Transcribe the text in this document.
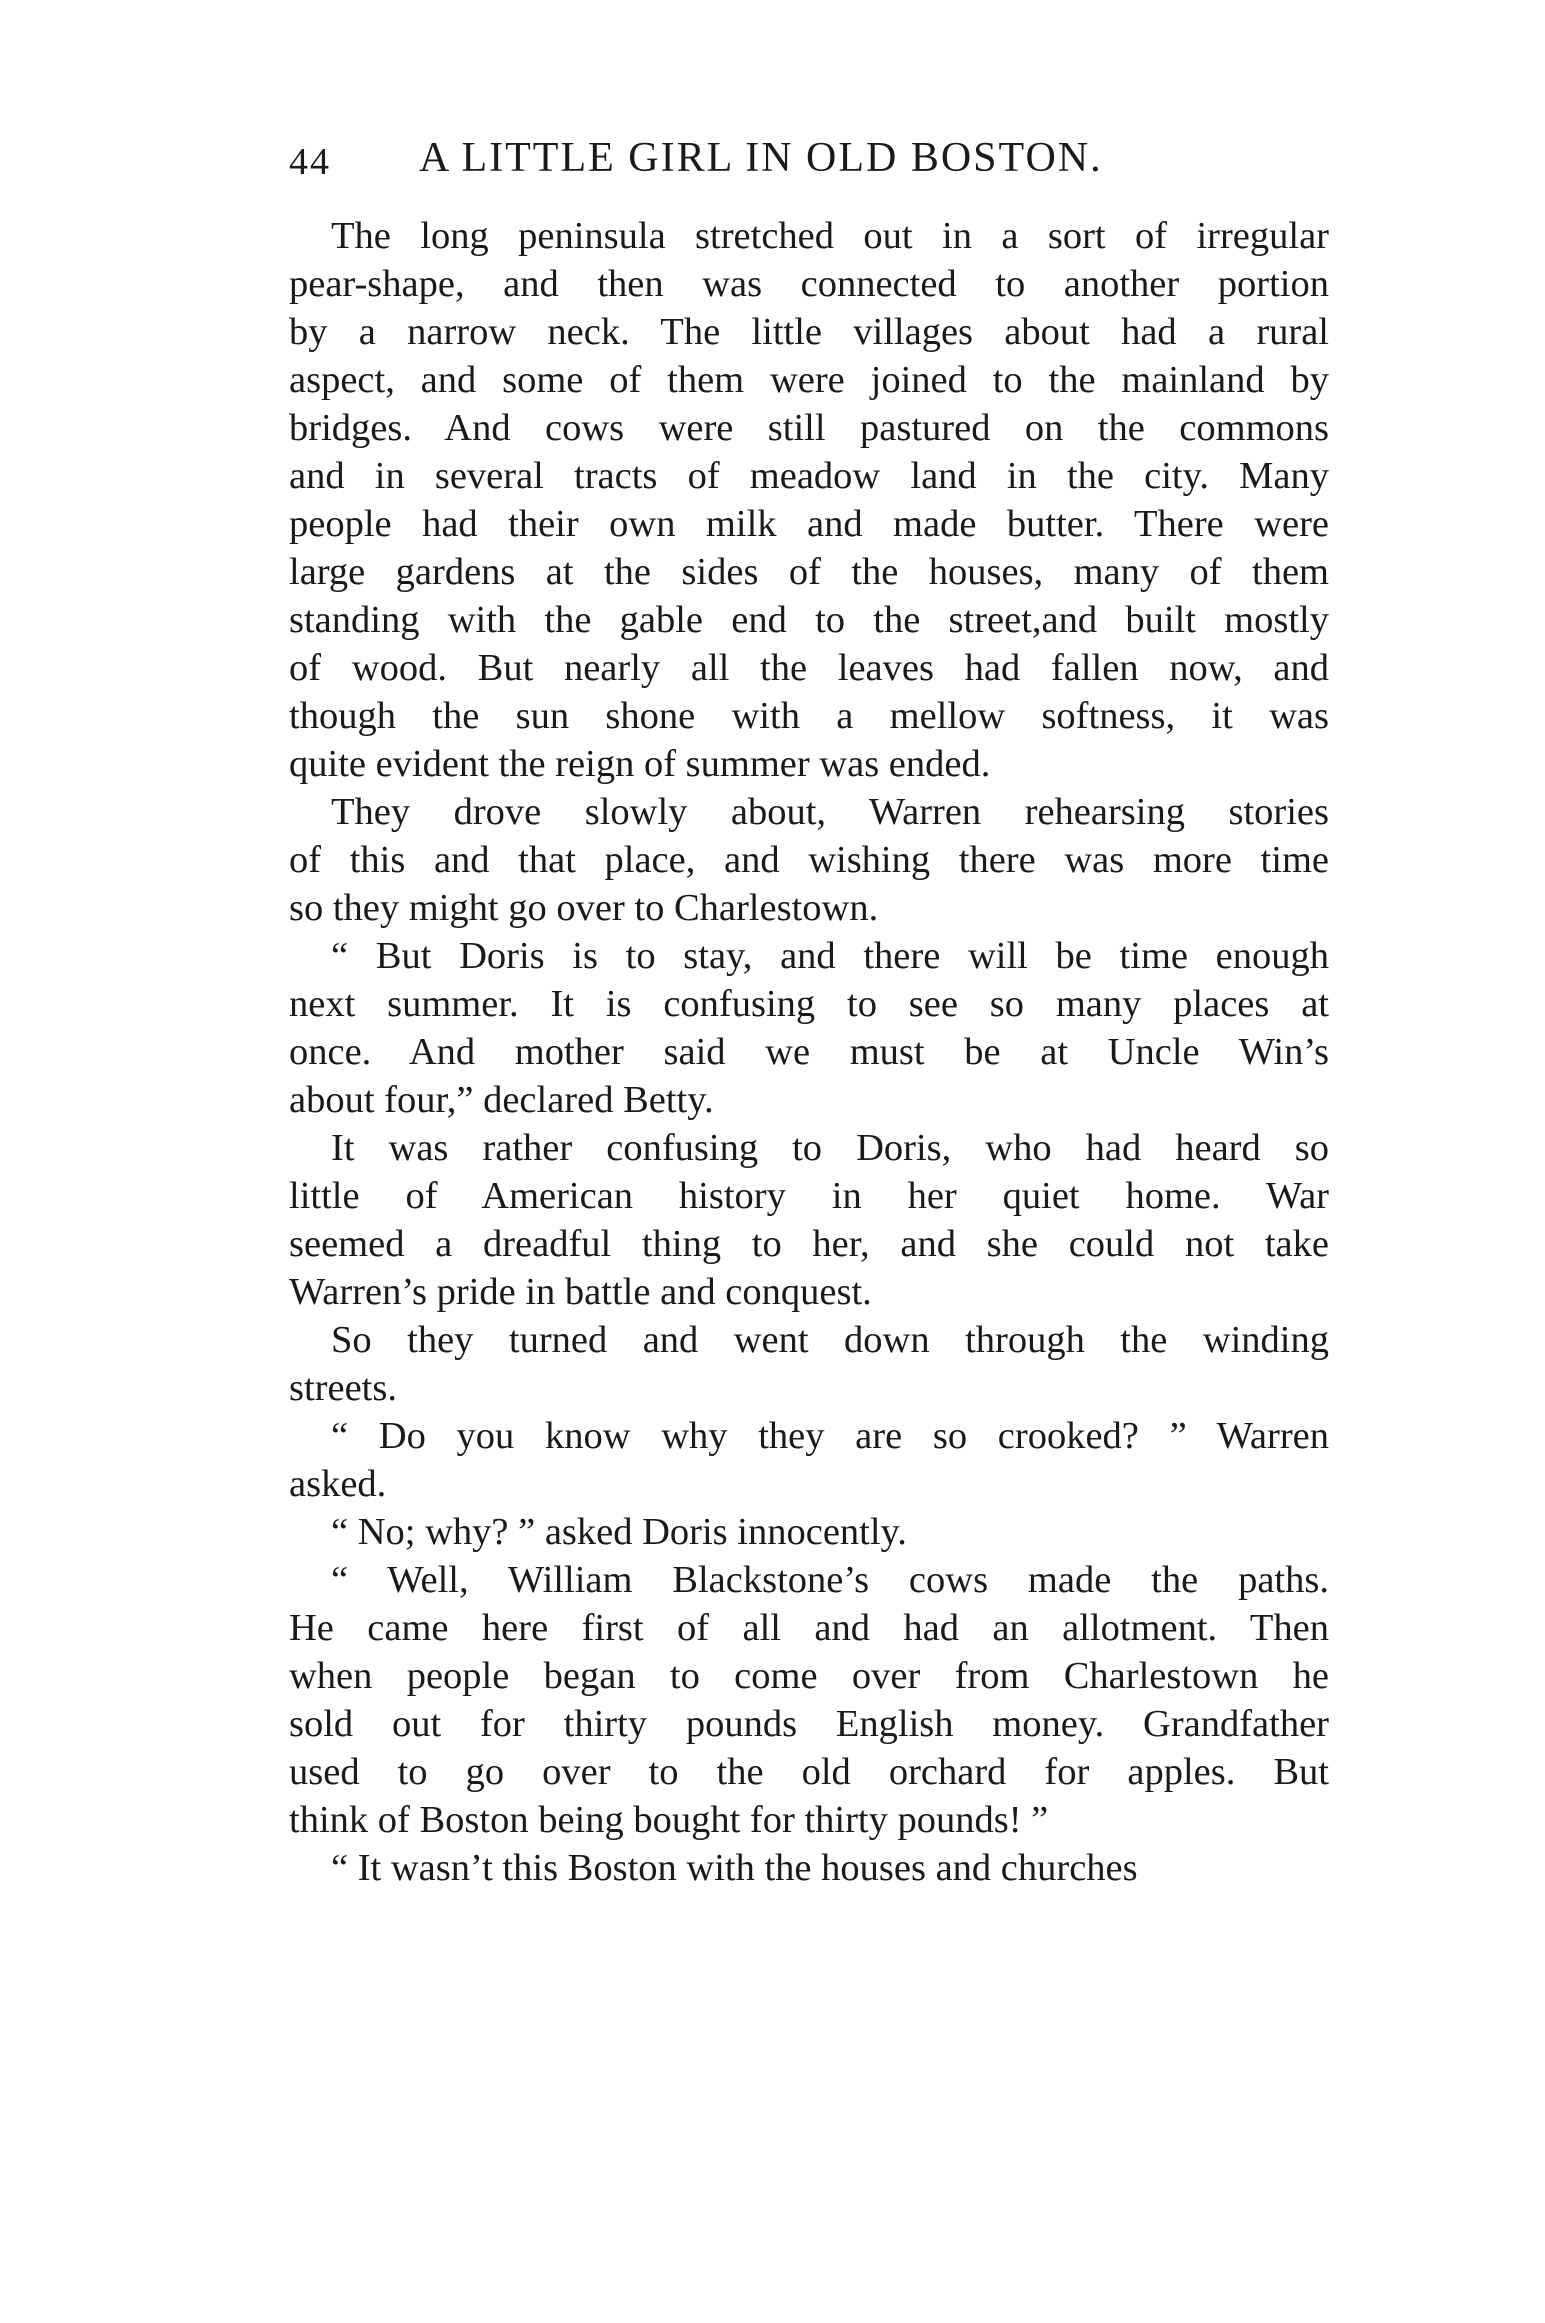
44 A LITTLE GIRL IN OLD BOSTON.
The long peninsula stretched out in a sort of irregular
pear-shape, and then was connected to another portion
by a narrow neck. The little villages about had a rural
aspect, and some of them were joined to the mainland by
bridges. And cows were still pastured on the commons
and in several tracts of meadow land in the city. Many
people had their own milk and made butter. There were
large gardens at the sides of the houses, many of them
standing with the gable end to the street,and built mostly
of wood. But nearly all the leaves had fallen now, and
though the sun shone with a mellow softness, it was
quite evident the reign of summer was ended.
They drove slowly about, Warren rehearsing stories
of this and that place, and wishing there was more time
so they might go over to Charlestown.
“ But Doris is to stay, and there will be time enough
next summer. It is confusing to see so many places at
once. And mother said we must be at Uncle Win’s
about four,” declared Betty.
It was rather confusing to Doris, who had heard so
little of American history in her quiet home. War
seemed a dreadful thing to her, and she could not take
Warren’s pride in battle and conquest.
So they turned and went down through the winding
streets.
“ Do you know why they are so crooked? ” Warren
asked.
“ No; why? ” asked Doris innocently.
“ Well, William Blackstone’s cows made the paths.
He came here first of all and had an allotment. Then
when people began to come over from Charlestown he
sold out for thirty pounds English money. Grandfather
used to go over to the old orchard for apples. But
think of Boston being bought for thirty pounds! ”
“ It wasn’t this Boston with the houses and churches
